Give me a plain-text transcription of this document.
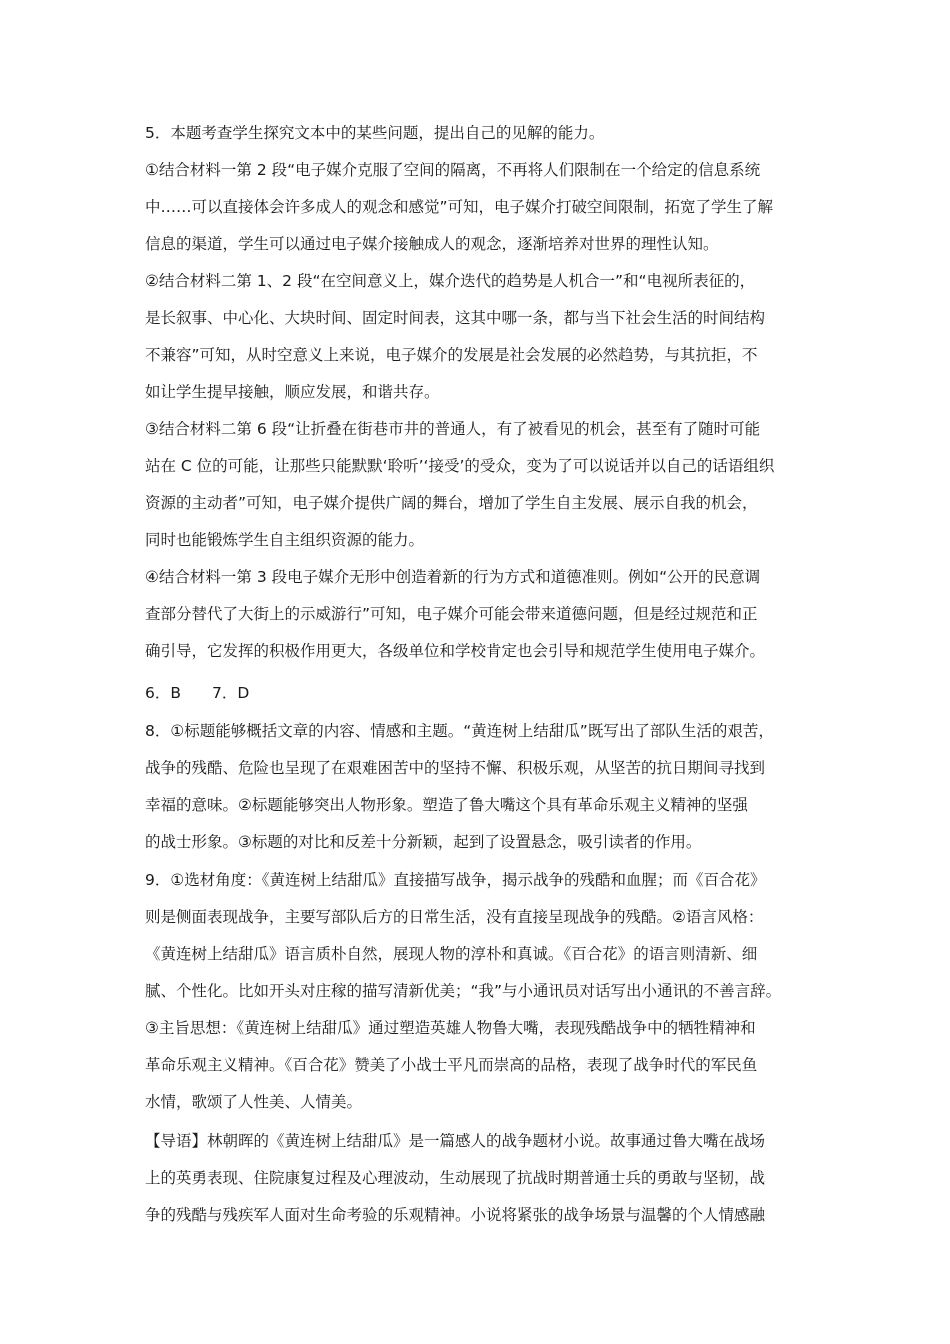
5．本题考查学生探究文本中的某些问题，提出自己的见解的能力。
①结合材料一第 2 段“电子媒介克服了空间的隔离，不再将人们限制在一个给定的信息系统
中……可以直接体会许多成人的观念和感觉”可知，电子媒介打破空间限制，拓宽了学生了解
信息的渠道，学生可以通过电子媒介接触成人的观念，逐渐培养对世界的理性认知。
②结合材料二第 1、2 段“在空间意义上，媒介迭代的趋势是人机合一”和“电视所表征的，
是长叙事、中心化、大块时间、固定时间表，这其中哪一条，都与当下社会生活的时间结构
不兼容”可知，从时空意义上来说，电子媒介的发展是社会发展的必然趋势，与其抗拒，不
如让学生提早接触，顺应发展，和谐共存。
③结合材料二第 6 段“让折叠在街巷市井的普通人，有了被看见的机会，甚至有了随时可能
站在 C 位的可能，让那些只能默默‘聆听’‘接受’的受众，变为了可以说话并以自己的话语组织
资源的主动者”可知，电子媒介提供广阔的舞台，增加了学生自主发展、展示自我的机会，
同时也能锻炼学生自主组织资源的能力。
④结合材料一第 3 段电子媒介无形中创造着新的行为方式和道德准则。例如“公开的民意调
查部分替代了大街上的示威游行”可知，电子媒介可能会带来道德问题，但是经过规范和正
确引导，它发挥的积极作用更大，各级单位和学校肯定也会引导和规范学生使用电子媒介。
6．B　　7．D
8．①标题能够概括文章的内容、情感和主题。“黄连树上结甜瓜”既写出了部队生活的艰苦，
战争的残酷、危险也呈现了在艰难困苦中的坚持不懈、积极乐观，从坚苦的抗日期间寻找到
幸福的意味。②标题能够突出人物形象。塑造了鲁大嘴这个具有革命乐观主义精神的坚强
的战士形象。③标题的对比和反差十分新颖，起到了设置悬念，吸引读者的作用。
9．①选材角度：《黄连树上结甜瓜》直接描写战争，揭示战争的残酷和血腥；而《百合花》
则是侧面表现战争，主要写部队后方的日常生活，没有直接呈现战争的残酷。②语言风格：
《黄连树上结甜瓜》语言质朴自然，展现人物的淳朴和真诚。《百合花》的语言则清新、细
腻、个性化。比如开头对庄稼的描写清新优美；“我”与小通讯员对话写出小通讯的不善言辞。
③主旨思想：《黄连树上结甜瓜》通过塑造英雄人物鲁大嘴，表现残酷战争中的牺牲精神和
革命乐观主义精神。《百合花》赞美了小战士平凡而崇高的品格，表现了战争时代的军民鱼
水情，歌颂了人性美、人情美。
【导语】林朝晖的《黄连树上结甜瓜》是一篇感人的战争题材小说。故事通过鲁大嘴在战场
上的英勇表现、住院康复过程及心理波动，生动展现了抗战时期普通士兵的勇敢与坚韧，战
争的残酷与残疾军人面对生命考验的乐观精神。小说将紧张的战争场景与温馨的个人情感融
